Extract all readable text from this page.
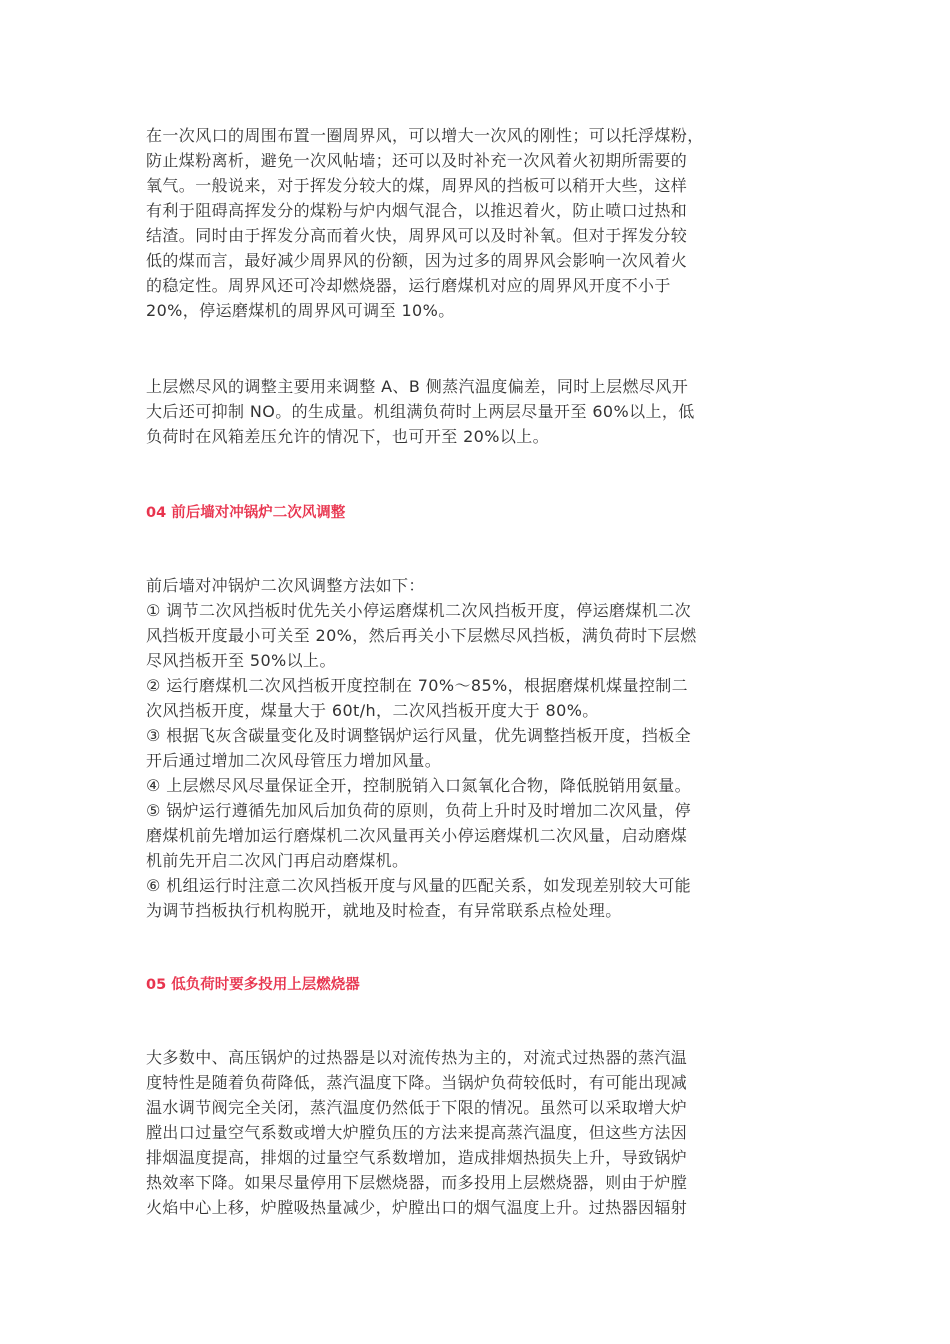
在一次风口的周围布置一圈周界风，可以增大一次风的刚性；可以托浮煤粉，
防止煤粉离析，避免一次风帖墙；还可以及时补充一次风着火初期所需要的
氧气。一般说来，对于挥发分较大的煤，周界风的挡板可以稍开大些，这样
有利于阻碍高挥发分的煤粉与炉内烟气混合，以推迟着火，防止喷口过热和
结渣。同时由于挥发分高而着火快，周界风可以及时补氧。但对于挥发分较
低的煤而言，最好减少周界风的份额，因为过多的周界风会影响一次风着火
的稳定性。周界风还可冷却燃烧器，运行磨煤机对应的周界风开度不小于
20%，停运磨煤机的周界风可调至 10%。
上层燃尽风的调整主要用来调整 A、B 侧蒸汽温度偏差，同时上层燃尽风开
大后还可抑制 NO。的生成量。机组满负荷时上两层尽量开至 60%以上，低
负荷时在风箱差压允许的情况下，也可开至 20%以上。
04 前后墙对冲锅炉二次风调整
前后墙对冲锅炉二次风调整方法如下：
① 调节二次风挡板时优先关小停运磨煤机二次风挡板开度，停运磨煤机二次
风挡板开度最小可关至 20%，然后再关小下层燃尽风挡板，满负荷时下层燃
尽风挡板开至 50%以上。
② 运行磨煤机二次风挡板开度控制在 70%～85%，根据磨煤机煤量控制二
次风挡板开度，煤量大于 60t/h，二次风挡板开度大于 80%。
③ 根据飞灰含碳量变化及时调整锅炉运行风量，优先调整挡板开度，挡板全
开后通过增加二次风母管压力增加风量。
④ 上层燃尽风尽量保证全开，控制脱销入口氮氧化合物，降低脱销用氨量。
⑤ 锅炉运行遵循先加风后加负荷的原则，负荷上升时及时增加二次风量，停
磨煤机前先增加运行磨煤机二次风量再关小停运磨煤机二次风量，启动磨煤
机前先开启二次风门再启动磨煤机。
⑥ 机组运行时注意二次风挡板开度与风量的匹配关系，如发现差别较大可能
为调节挡板执行机构脱开，就地及时检查，有异常联系点检处理。
05 低负荷时要多投用上层燃烧器
大多数中、高压锅炉的过热器是以对流传热为主的，对流式过热器的蒸汽温
度特性是随着负荷降低，蒸汽温度下降。当锅炉负荷较低时，有可能出现减
温水调节阀完全关闭，蒸汽温度仍然低于下限的情况。虽然可以采取增大炉
膛出口过量空气系数或增大炉膛负压的方法来提高蒸汽温度，但这些方法因
排烟温度提高，排烟的过量空气系数增加，造成排烟热损失上升，导致锅炉
热效率下降。如果尽量停用下层燃烧器，而多投用上层燃烧器，则由于炉膛
火焰中心上移，炉膛吸热量减少，炉膛出口的烟气温度上升。过热器因辐射
